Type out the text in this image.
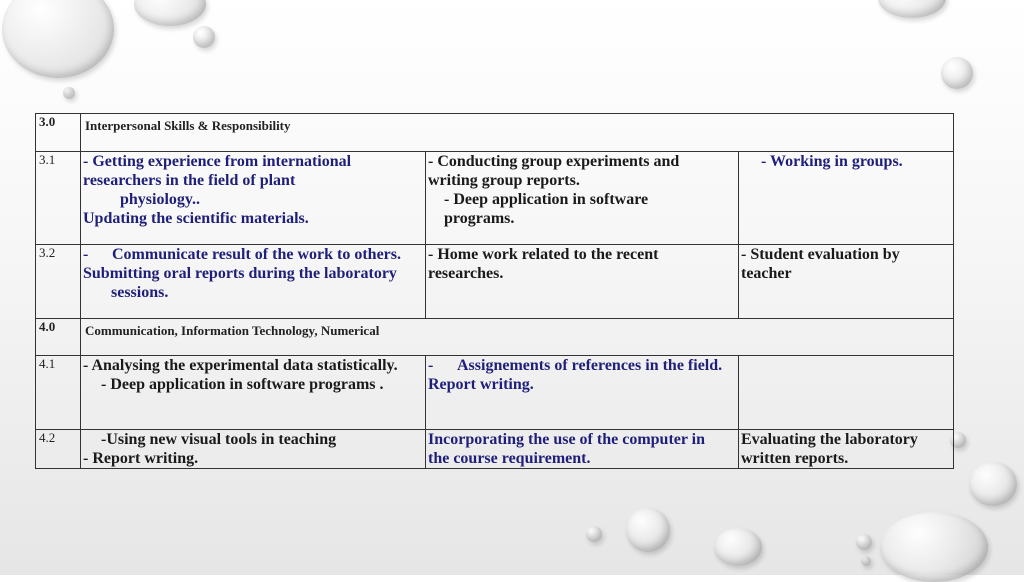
3.0	Interpersonal Skills & Responsibility		
3.1	- Getting experience from international
researchers in the field of plant
physiology..
Updating the scientific materials.	- Conducting group experiments and
writing group reports.
- Deep application in software
programs.	- Working in groups.

3.2	- Communicate result of the work to others.
Submitting oral reports during the laboratory
sessions.	- Home work related to the recent
researches.	- Student evaluation by
teacher

4.0	Communication, Information Technology, Numerical		
4.1	- Analysing the experimental data statistically.
- Deep application in software programs .	- Assignements of references in the field.
Report writing.	

4.2	-Using new visual tools in teaching
- Report writing.	Incorporating the use of the computer in
the course requirement.	Evaluating the laboratory
written reports.
